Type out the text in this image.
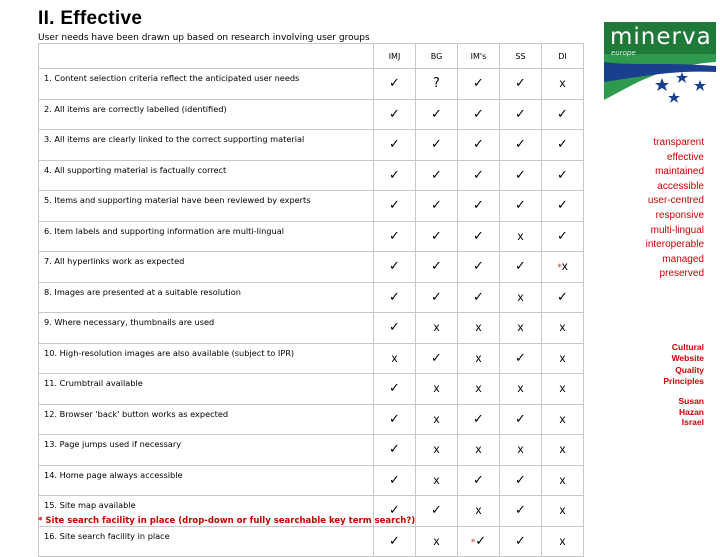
II. Effective
User needs have been drawn up based on research involving user groups
	IMJ	BG	IM's	SS	DI
1. Content selection criteria reflect the anticipated user needs	✓	?	✓	✓	x
2. All items are correctly labelled (identified)	✓	✓	✓	✓	✓
3. All items are clearly linked to the correct supporting material	✓	✓	✓	✓	✓
4. All supporting material is factually correct	✓	✓	✓	✓	✓
5. Items and supporting material have been reviewed by experts	✓	✓	✓	✓	✓
6. Item labels and supporting information are multi-lingual	✓	✓	✓	x	✓
7. All hyperlinks work as expected	✓	✓	✓	✓	*x
8. Images are presented at a suitable resolution	✓	✓	✓	x	✓
9. Where necessary, thumbnails are used	✓	x	x	x	x
10. High-resolution images are also available (subject to IPR)	x	✓	x	✓	x
11. Crumbtrail available	✓	x	x	x	x
12. Browser 'back' button works as expected	✓	x	✓	✓	x
13. Page jumps used if necessary	✓	x	x	x	x
14. Home page always accessible	✓	x	✓	✓	x
15. Site map available	✓	✓	x	✓	x
16. Site search facility in place	✓	x	*✓	✓	x
* Site search facility in place (drop-down or fully searchable key term search?)
minerva
europe
transparent
effective
maintained
accessible
user-centred
responsive
multi-lingual
interoperable
managed
preserved
Cultural
Website
Quality
Principles
Susan
Hazan
Israel
